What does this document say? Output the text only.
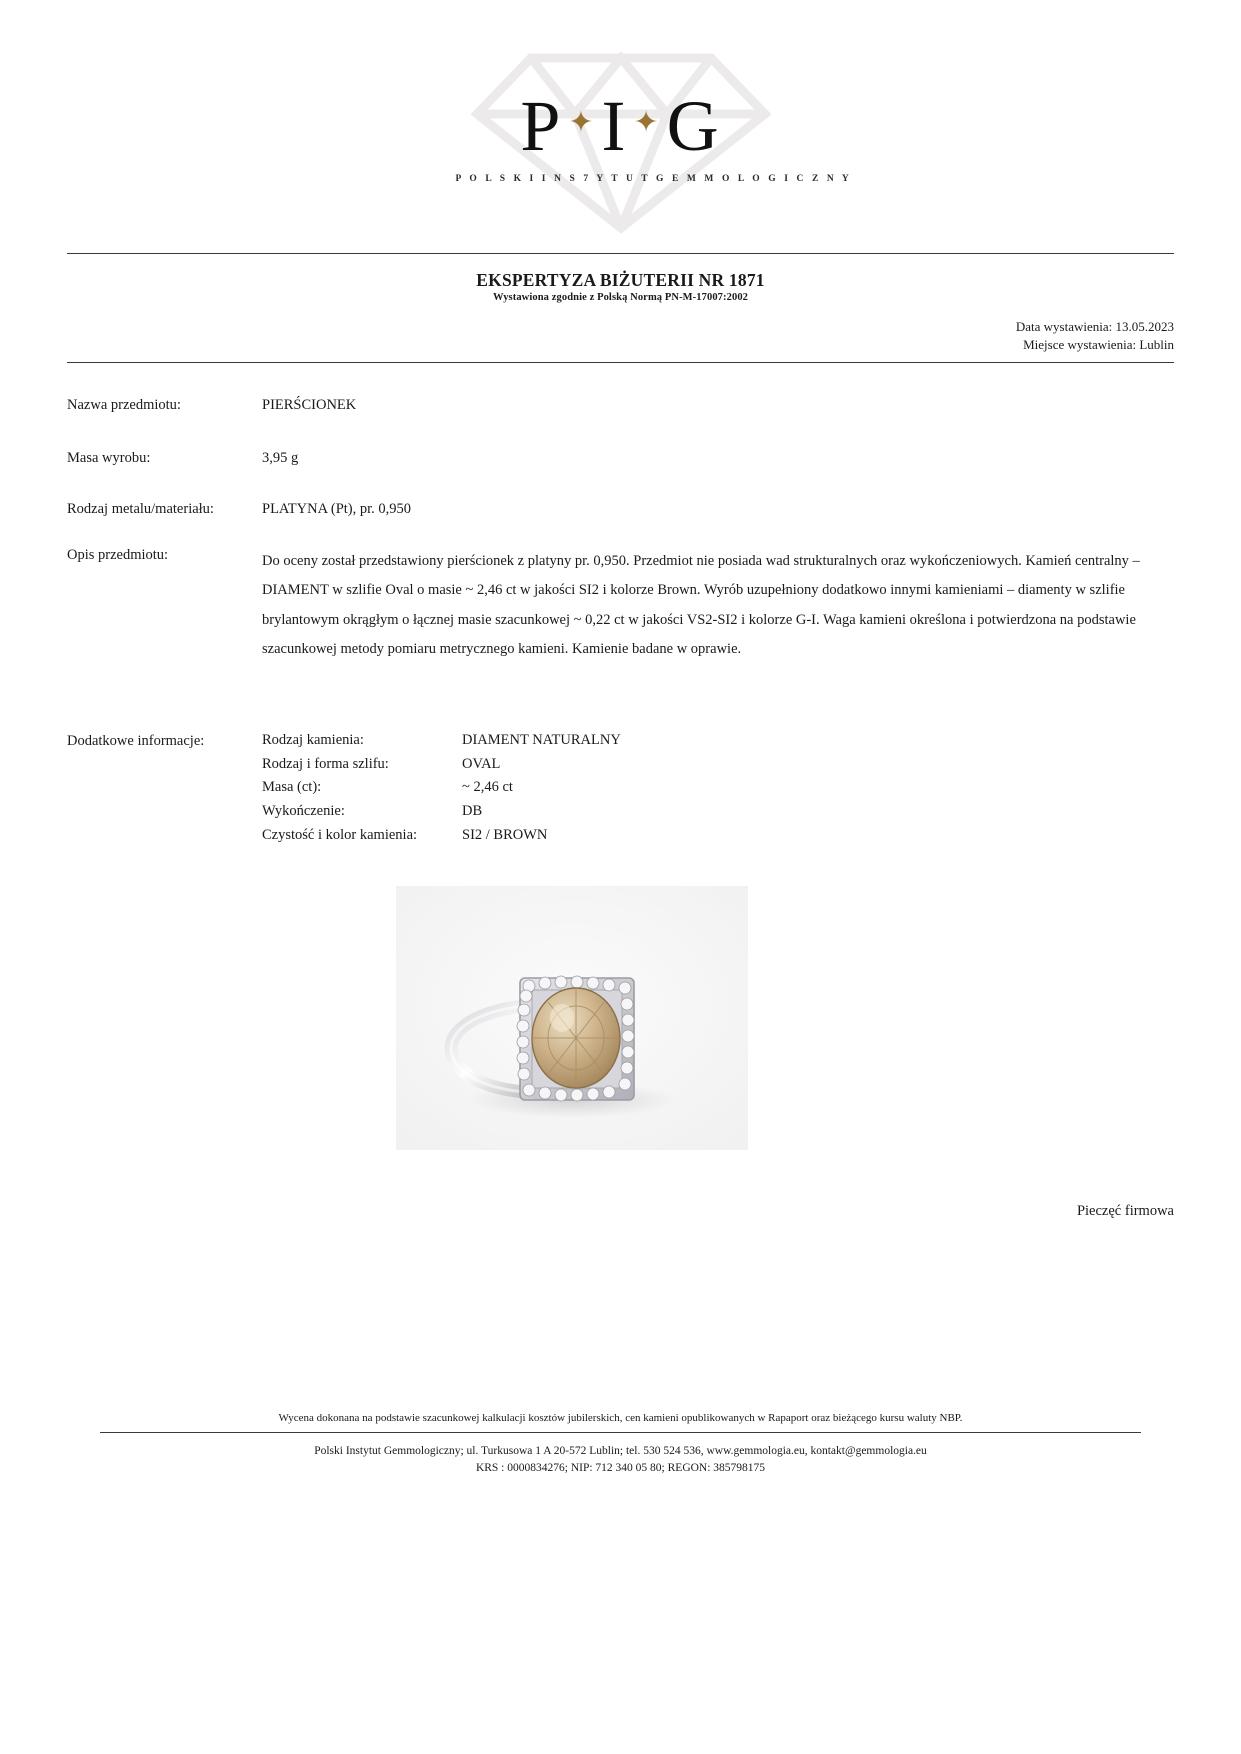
P ✦I ✦G
P O L S K I I N S 7 Y T U T G E M M O L O G I C Z N Y
EKSPERTYZA BIŻUTERII NR 1871
Wystawiona zgodnie z Polską Normą PN-M-17007:2002
Data wystawienia: 13.05.2023
Miejsce wystawienia: Lublin
Nazwa przedmiotu:	PIERŚCIONEK
Masa wyrobu:	3,95 g
Rodzaj metalu/materiału:	PLATYNA (Pt), pr. 0,950
Opis przedmiotu:	Do oceny został przedstawiony pierścionek z platyny pr. 0,950. Przedmiot nie posiada wad strukturalnych oraz wykończeniowych. Kamień centralny – DIAMENT w szlifie Oval o masie ~ 2,46 ct w jakości SI2 i kolorze Brown. Wyrób uzupełniony dodatkowo innymi kamieniami – diamenty w szlifie brylantowym okrągłym o łącznej masie szacunkowej ~ 0,22 ct w jakości VS2-SI2 i kolorze G-I. Waga kamieni określona i potwierdzona na podstawie szacunkowej metody pomiaru metrycznego kamieni. Kamienie badane w oprawie.
Dodatkowe informacje:	Rodzaj kamienia:	DIAMENT NATURALNY
Rodzaj i forma szlifu:	OVAL
Masa (ct):	~ 2,46 ct
Wykończenie:	DB
Czystość i kolor kamienia:	SI2 / BROWN
Pieczęć firmowa
Wycena dokonana na podstawie szacunkowej kalkulacji kosztów jubilerskich, cen kamieni opublikowanych w Rapaport oraz bieżącego kursu waluty NBP.
Polski Instytut Gemmologiczny; ul. Turkusowa 1 A 20-572 Lublin; tel. 530 524 536, www.gemmologia.eu, kontakt@gemmologia.eu
KRS : 0000834276; NIP: 712 340 05 80; REGON: 385798175
